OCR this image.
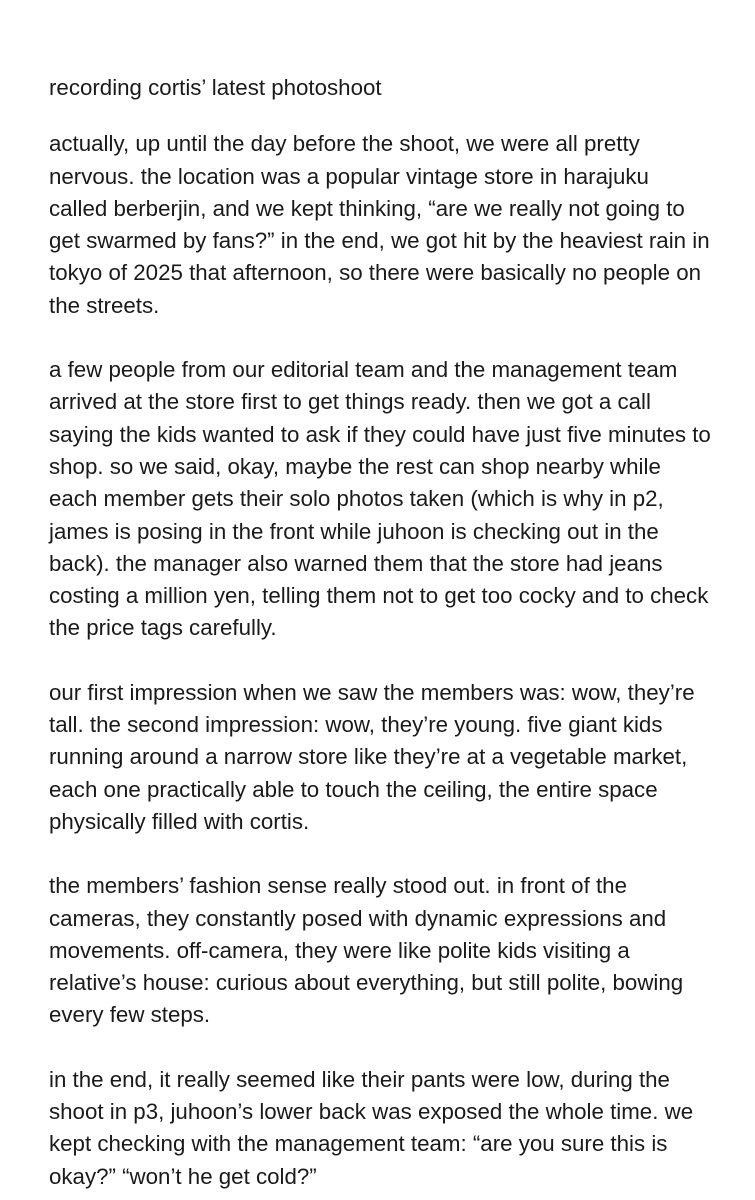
recording cortis’ latest photoshoot

actually, up until the day before the shoot, we were all pretty nervous. the location was a popular vintage store in harajuku called berberjin, and we kept thinking, “are we really not going to get swarmed by fans?” in the end, we got hit by the heaviest rain in tokyo of 2025 that afternoon, so there were basically no people on the streets.

a few people from our editorial team and the management team arrived at the store first to get things ready. then we got a call saying the kids wanted to ask if they could have just five minutes to shop. so we said, okay, maybe the rest can shop nearby while each member gets their solo photos taken (which is why in p2, james is posing in the front while juhoon is checking out in the back). the manager also warned them that the store had jeans costing a million yen, telling them not to get too cocky and to check the price tags carefully.

our first impression when we saw the members was: wow, they’re tall. the second impression: wow, they’re young. five giant kids running around a narrow store like they’re at a vegetable market, each one practically able to touch the ceiling, the entire space physically filled with cortis.

the members’ fashion sense really stood out. in front of the cameras, they constantly posed with dynamic expressions and movements. off-camera, they were like polite kids visiting a relative’s house: curious about everything, but still polite, bowing every few steps.

in the end, it really seemed like their pants were low, during the shoot in p3, juhoon’s lower back was exposed the whole time. we kept checking with the management team: “are you sure this is okay?” “won’t he get cold?”
